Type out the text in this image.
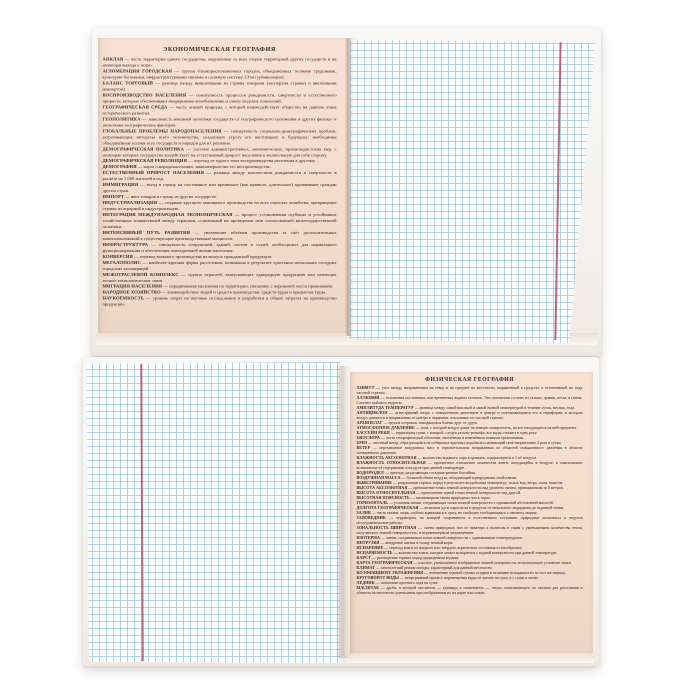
ЭКОНОМИЧЕСКАЯ ГЕОГРАФИЯ

АНКЛАВ — часть территории одного государства, окружённая со всех сторон территорией других государств и не имеющая выхода к морю.

АГЛОМЕРАЦИЯ ГОРОДСКАЯ — группа близкорасположенных городов, объединённых тесными трудовыми, культурно-бытовыми, инфраструктурными связями в сложную систему. (Этап урбанизации).

БАЛАНС ТОРГОВЫЙ — разница между вывезенными из страны товарами (экспортом страны) и ввезёнными (импортом).

ВОСПРОИЗВОДСТВО НАСЕЛЕНИЯ — совокупность процессов рождаемости, смертности и естественного прироста, которые обеспечивают непрерывное возобновление и смену людских поколений.

ГЕОГРАФИЧЕСКАЯ СРЕДА — часть земной природы, с которой взаимодействует общество на данном этапе исторического развития.

ГЕОПОЛИТИКА — зависимость внешней политики государств от географического положения и других физико- и экономико-географических факторов.

ГЛОБАЛЬНЫЕ ПРОБЛЕМЫ НАРОДОНАСЕЛЕНИЯ — совокупность социально-демографических проблем, затрагивающих интересы всего человечества, создающих угрозу его настоящему и будущему; необходимы объединённые усилия всех государств и народов для их решения.

ДЕМОГРАФИЧЕСКАЯ ПОЛИТИКА — система административных, экономических, пропагандистских мер, с помощью которых государство воздействует на естественный прирост населения в желательную для себя сторону.

ДЕМОГРАФИЧЕСКАЯ РЕВОЛЮЦИЯ — переход от одного типа воспроизводства населения к другому.

ДЕМОГРАФИЯ — наука о народонаселении, закономерностях его воспроизводства.

ЕСТЕСТВЕННЫЙ ПРИРОСТ НАСЕЛЕНИЯ — разница между количеством рождаемости и смертности в расчёте на 1 000 жителей в год.

ИММИГРАЦИЯ — въезд в страну на постоянное или временное (как правило, длительное) проживание граждан других стран.

ИМПОРТ — ввоз товаров в страну из других государств.

ИНДУСТРИАЛИЗАЦИЯ — создание крупного машинного производства во всех отраслях хозяйства, превращение страны из аграрной в индустриальную.

ИНТЕГРАЦИЯ МЕЖДУНАРОДНАЯ ЭКОНОМИЧЕСКАЯ — процесс установления глубоких и устойчивых хозяйственных взаимосвязей между странами, основанный на проведении ими согласованной межгосударственной политики.

ИНТЕНСИВНЫЙ ПУТЬ РАЗВИТИЯ — увеличение объёмов производства за счёт дополнительных капиталовложений в существующие производственные мощности.

ИНФРАСТРУКТУРА — совокупность сооружений, зданий, систем и служб, необходимых для нормального функционирования и обеспечения повседневной жизни населения.

КОНВЕРСИЯ — перевод военного производства на выпуск гражданской продукции.

МЕГАЛОПОЛИС — наиболее крупная форма расселения, возникшая в результате срастания нескольких соседних городских агломераций.

МЕЖОТРАСЛЕВОЙ КОМПЛЕКС — группа отраслей, выпускающих однородную продукцию или имеющих тесные технологические связи.

МИГРАЦИЯ НАСЕЛЕНИЯ — передвижение населения по территории, связанное с переменой места проживания.

НАРОДНОЕ ХОЗЯЙСТВО — взаимодействие людей и средств производства: средств труда и предметов труда.

НАУКОЁМКОСТЬ — уровень затрат на научные исследования и разработки в общих затратах на производство продукции.

ФИЗИЧЕСКАЯ ГЕОГРАФИЯ

АЗИМУТ — угол между направлением на север и на предмет на местности, выраженный в градусах и отсчитанный по ходу часовой стрелки.

АЛЛЮВИЙ — отложения постоянных или временных водных потоков. Эти отложения состоят из гальки, гравия, песка и глины. Слагают поймы и террасы.

АМПЛИТУДА ТЕМПЕРАТУР — разница между самой высокой и самой низкой температурой в течение суток, месяца, года.

АНТИЦИКЛОН — атмосферный вихрь с повышенным давлением в центре и уменьшающимся его к периферии, в котором воздух движется в направлении от центра к окраинам, отклоняясь по часовой стрелке.

АРХИПЕЛАГ — группа островов, находящихся близко друг от друга.

АТМОСФЕРНОЕ ДАВЛЕНИЕ — сила, с которой воздух давит на земную поверхность, на все находящиеся на ней предметы.

БАССЕЙН РЕКИ — территория суши, с которой, следуя уклону рельефа, все воды стекают в одну реку.

БИОСФЕРА — часть географической оболочки, заселённая и изменённая живыми организмами.

БРИЗ — местный ветер, образующийся на побережье крупных водоёмов и меняющий своё направление 2 раза в сутки.

ВЕТЕР — перемещение воздушных масс в горизонтальном направлении из областей повышенного давления в области пониженного давления.

ВЛАЖНОСТЬ АБСОЛЮТНАЯ — количество водяного пара в граммах, содержащееся в 1 м³ воздуха.

ВЛАЖНОСТЬ ОТНОСИТЕЛЬНАЯ — процентное отношение количества влаги, находящейся в воздухе, к максимально возможному её содержанию в воздухе при данной температуре.

ВОДОРАЗДЕЛ — граница, разделяющая соседние речные бассейны.

ВОЗДУШНАЯ МАССА — большой объём воздуха, обладающий однородными свойствами.

ВЫВЕТРИВАНИЕ — разрушение горных пород в результате воздействия температур, талых вод, ветра, силы тяжести.

ВЫСОТА АБСОЛЮТНАЯ — превышение точки земной поверхности над уровнем океана, принимаемым за 0 метров.

ВЫСОТА ОТНОСИТЕЛЬНАЯ — превышение одной точки земной поверхности над другой.

ВЫСОТНАЯ ПОЯСНОСТЬ — закономерная смена природных зон в горах.

ГОРИЗОНТАЛЬ — условная линия, соединяющая точки земной поверхности с одинаковой абсолютной высотой.

ДОЛГОТА ГЕОГРАФИЧЕСКАЯ — величина дуги параллели в градусах от начального меридиана до заданной точки.

ЗАЛИВ — часть океана, моря, глубоко вдающаяся в сушу, но свободно сообщающаяся с океаном, морем.

ЗАПОВЕДНИК — территория, на которой сохраняются в естественном состоянии природные комплексы и ведутся исследовательские работы.

ЗОНАЛЬНОСТЬ ШИРОТНАЯ — смена природных зон от экватора к полюсам в связи с уменьшением количества тепла, получаемого земной поверхностью, и неравномерным увлажнением.

ИЗОТЕРМА — линия, соединяющая точки земной поверхности с одинаковыми температурами.

ИНТРУЗИЯ — внедрение магмы в толщу земной коры.

ИСПАРЕНИЕ — переход влаги из жидкого или твёрдого агрегатного состояния в газообразное.

ИСПАРЯЕМОСТЬ — количество влаги, которое может испариться с водной поверхности при данной температуре.

КАРСТ — растворение горных пород природными водами.

КАРТА ГЕОГРАФИЧЕСКАЯ — плоское, уменьшенное изображение земной поверхности, использующее условные знаки.

КЛИМАТ — многолетний режим погоды, характерный для данной местности.

КОЭФФИЦИЕНТ УВЛАЖНЕНИЯ — отношение годовой суммы осадков к величине испаряемости за этот же период.

КРУГОВОРОТ ВОДЫ — непрерывный процесс перемещения воды из океана на сушу и с суши в океан.

ЛЕДНИК — скопление пресного льда на суше.

МАСШТАБ — дробь, в которой числитель — единица, а знаменатель — число, показывающее, во сколько раз расстояния и объекты на местности уменьшены при изображении их на карте или плане.
